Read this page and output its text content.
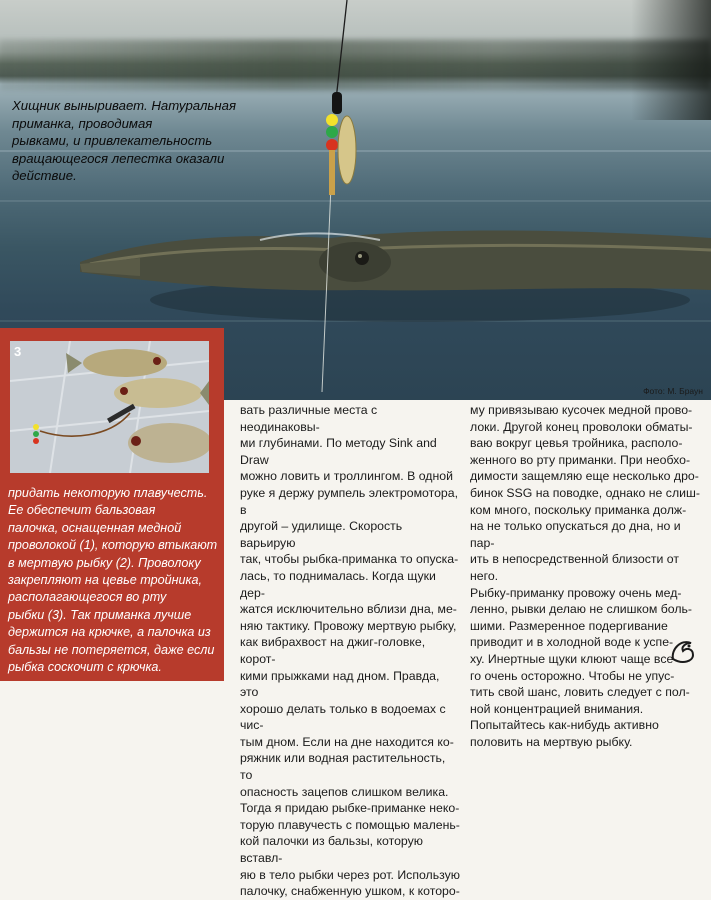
Хищник выныривает. Натуральная
приманка, проводимая
рывками, и привлекательность
вращающегося лепестка оказали
действие.

Фото: М. Браун

3

придать некоторую плавучесть.
Ее обеспечит бальзовая
палочка, оснащенная медной
проволокой (1), которую втыкают
в мертвую рыбку (2). Проволоку
закрепляют на цевье тройника,
располагающегося во рту
рыбки (3). Так приманка лучше
держится на крючке, а палочка из
бальзы не потеряется, даже если
рыбка соскочит с крючка.

вать различные места с неодинаковы-
ми глубинами. По методу Sink and Draw
можно ловить и троллингом. В одной
руке я держу румпель электромотора, в
другой – удилище. Скорость варьирую
так, чтобы рыбка-приманка то опуска-
лась, то поднималась. Когда щуки дер-
жатся исключительно вблизи дна, ме-
няю тактику. Провожу мертвую рыбку,
как вибрахвост на джиг-головке, корот-
кими прыжками над дном. Правда, это
хорошо делать только в водоемах с чис-
тым дном. Если на дне находится ко-
ряжник или водная растительность, то
опасность зацепов слишком велика.
Тогда я придаю рыбке-приманке неко-
торую плавучесть с помощью малень-
кой палочки из бальзы, которую вставл-
яю в тело рыбки через рот. Использую
палочку, снабженную ушком, к которо-

му привязываю кусочек медной прово-
локи. Другой конец проволоки обматы-
ваю вокруг цевья тройника, располо-
женного во рту приманки. При необхо-
димости защемляю еще несколько дро-
бинок SSG на поводке, однако не слиш-
ком много, поскольку приманка долж-
на не только опускаться до дна, но и пар-
ить в непосредственной близости от
него.
Рыбку-приманку провожу очень мед-
ленно, рывки делаю не слишком боль-
шими. Размеренное подергивание
приводит и в холодной воде к успе-
ху. Инертные щуки клюют чаще все-
го очень осторожно. Чтобы не упус-
тить свой шанс, ловить следует с пол-
ной концентрацией внимания.
Попытайтесь как-нибудь активно
половить на мертвую рыбку.
